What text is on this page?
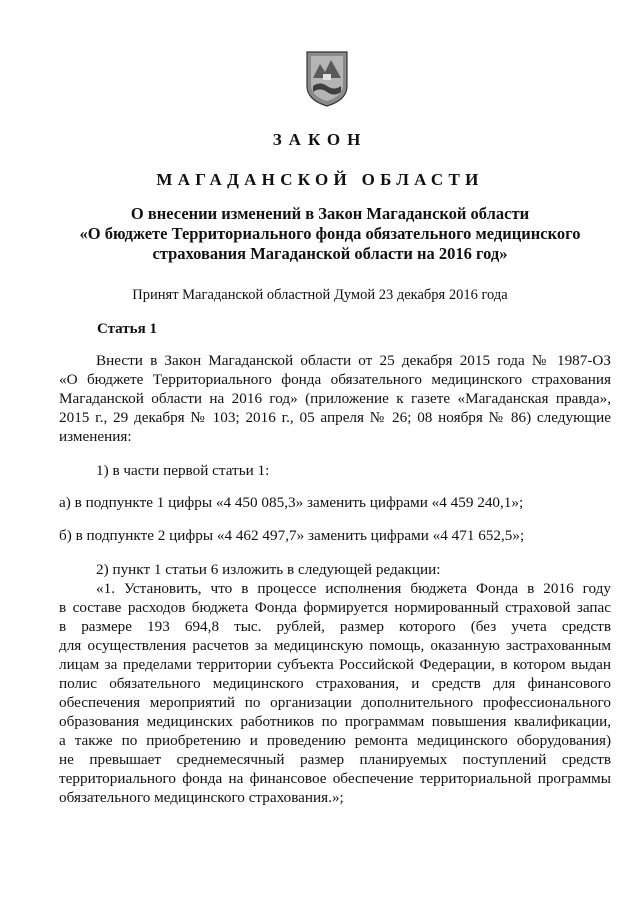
ЗАКОН
МАГАДАНСКОЙ ОБЛАСТИ
О внесении изменений в Закон Магаданской области
«О бюджете Территориального фонда обязательного медицинского
страхования Магаданской области на 2016 год»
Принят Магаданской областной Думой 23 декабря 2016 года
Статья 1
Внести в Закон Магаданской области от 25 декабря 2015 года № 1987-ОЗ
«О бюджете Территориального фонда обязательного медицинского страхования
Магаданской области на 2016 год» (приложение к газете «Магаданская правда»,
2015 г., 29 декабря № 103; 2016 г., 05 апреля № 26; 08 ноября № 86) следующие
изменения:
1) в части первой статьи 1:
а) в подпункте 1 цифры «4 450 085,3» заменить цифрами «4 459 240,1»;
б) в подпункте 2 цифры «4 462 497,7» заменить цифрами «4 471 652,5»;
2) пункт 1 статьи 6 изложить в следующей редакции:
«1. Установить, что в процессе исполнения бюджета Фонда в 2016 году
в составе расходов бюджета Фонда формируется нормированный страховой запас
в размере 193 694,8 тыс. рублей, размер которого (без учета средств
для осуществления расчетов за медицинскую помощь, оказанную застрахованным
лицам за пределами территории субъекта Российской Федерации, в котором выдан
полис обязательного медицинского страхования, и средств для финансового
обеспечения мероприятий по организации дополнительного профессионального
образования медицинских работников по программам повышения квалификации,
а также по приобретению и проведению ремонта медицинского оборудования)
не превышает среднемесячный размер планируемых поступлений средств
территориального фонда на финансовое обеспечение территориальной программы
обязательного медицинского страхования.»;
